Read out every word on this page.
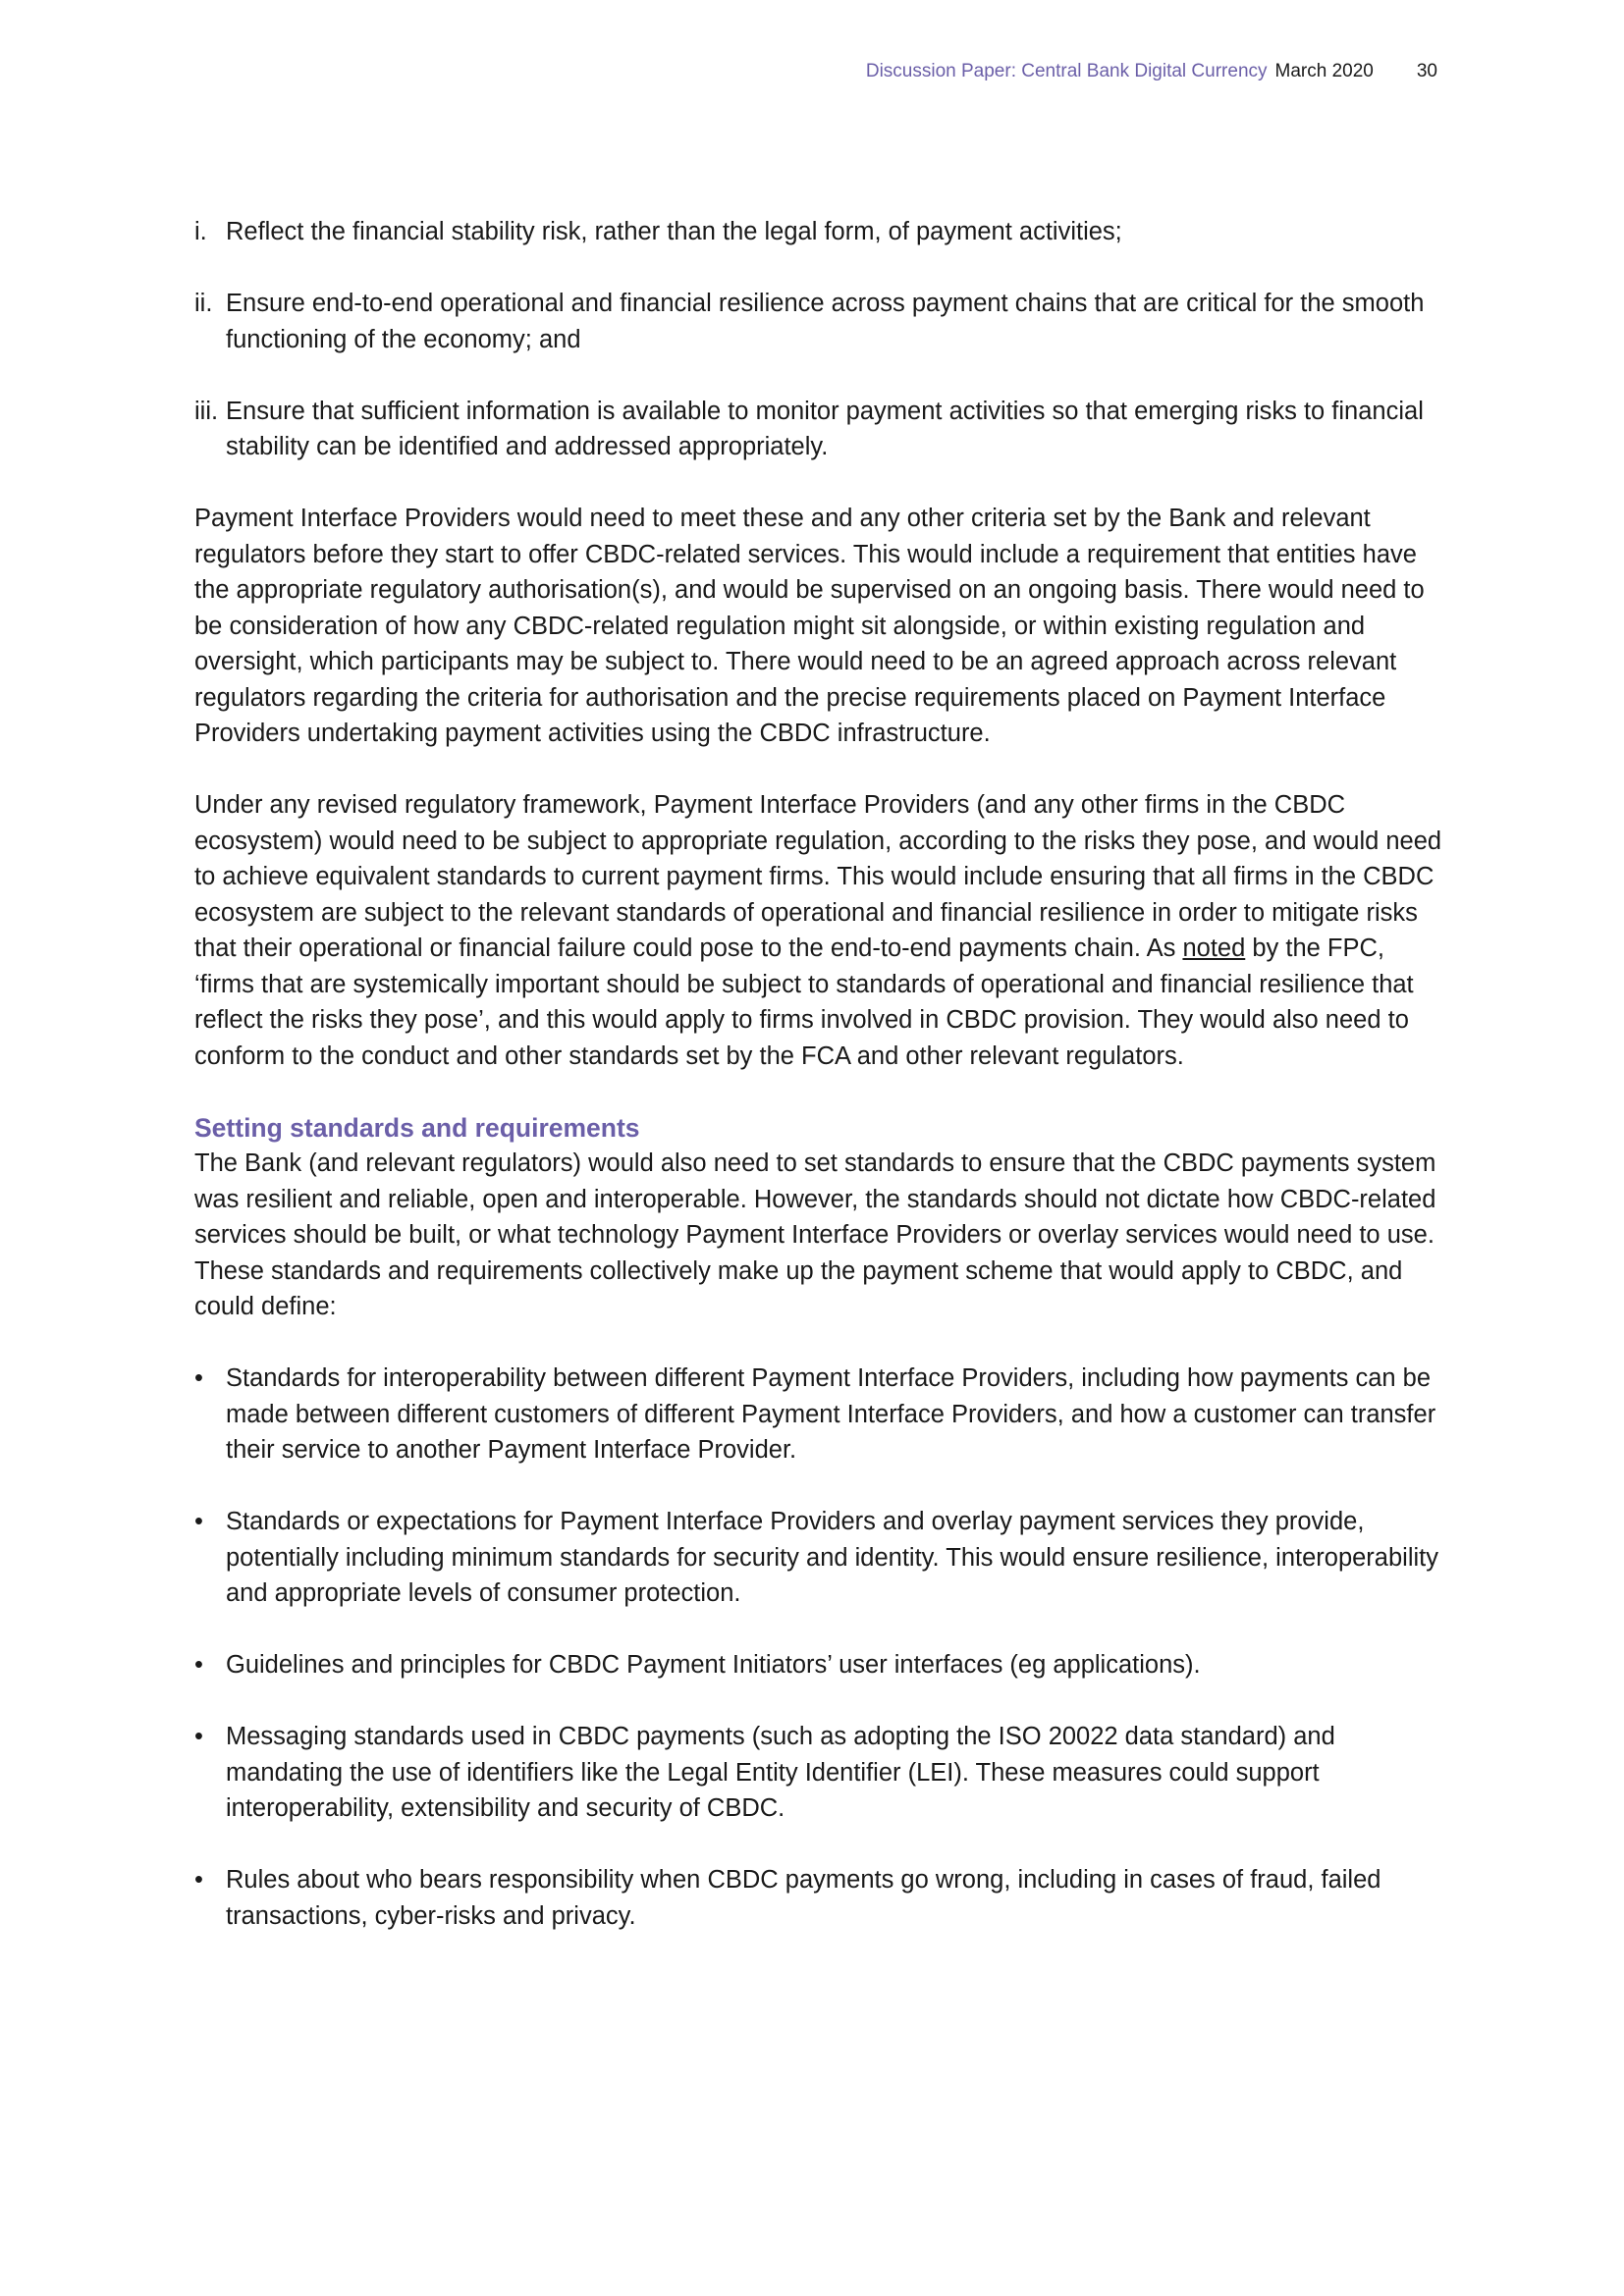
Discussion Paper: Central Bank Digital Currency March 2020 30
i. Reflect the financial stability risk, rather than the legal form, of payment activities;
ii. Ensure end-to-end operational and financial resilience across payment chains that are critical for the smooth functioning of the economy; and
iii. Ensure that sufficient information is available to monitor payment activities so that emerging risks to financial stability can be identified and addressed appropriately.

Payment Interface Providers would need to meet these and any other criteria set by the Bank and relevant regulators before they start to offer CBDC-related services. This would include a requirement that entities have the appropriate regulatory authorisation(s), and would be supervised on an ongoing basis. There would need to be consideration of how any CBDC-related regulation might sit alongside, or within existing regulation and oversight, which participants may be subject to. There would need to be an agreed approach across relevant regulators regarding the criteria for authorisation and the precise requirements placed on Payment Interface Providers undertaking payment activities using the CBDC infrastructure.

Under any revised regulatory framework, Payment Interface Providers (and any other firms in the CBDC ecosystem) would need to be subject to appropriate regulation, according to the risks they pose, and would need to achieve equivalent standards to current payment firms. This would include ensuring that all firms in the CBDC ecosystem are subject to the relevant standards of operational and financial resilience in order to mitigate risks that their operational or financial failure could pose to the end-to-end payments chain. As noted by the FPC, ‘firms that are systemically important should be subject to standards of operational and financial resilience that reflect the risks they pose’, and this would apply to firms involved in CBDC provision. They would also need to conform to the conduct and other standards set by the FCA and other relevant regulators.

Setting standards and requirements

The Bank (and relevant regulators) would also need to set standards to ensure that the CBDC payments system was resilient and reliable, open and interoperable. However, the standards should not dictate how CBDC-related services should be built, or what technology Payment Interface Providers or overlay services would need to use. These standards and requirements collectively make up the payment scheme that would apply to CBDC, and could define:

• Standards for interoperability between different Payment Interface Providers, including how payments can be made between different customers of different Payment Interface Providers, and how a customer can transfer their service to another Payment Interface Provider.
• Standards or expectations for Payment Interface Providers and overlay payment services they provide, potentially including minimum standards for security and identity. This would ensure resilience, interoperability and appropriate levels of consumer protection.
• Guidelines and principles for CBDC Payment Initiators’ user interfaces (eg applications).
• Messaging standards used in CBDC payments (such as adopting the ISO 20022 data standard) and mandating the use of identifiers like the Legal Entity Identifier (LEI). These measures could support interoperability, extensibility and security of CBDC.
• Rules about who bears responsibility when CBDC payments go wrong, including in cases of fraud, failed transactions, cyber-risks and privacy.
